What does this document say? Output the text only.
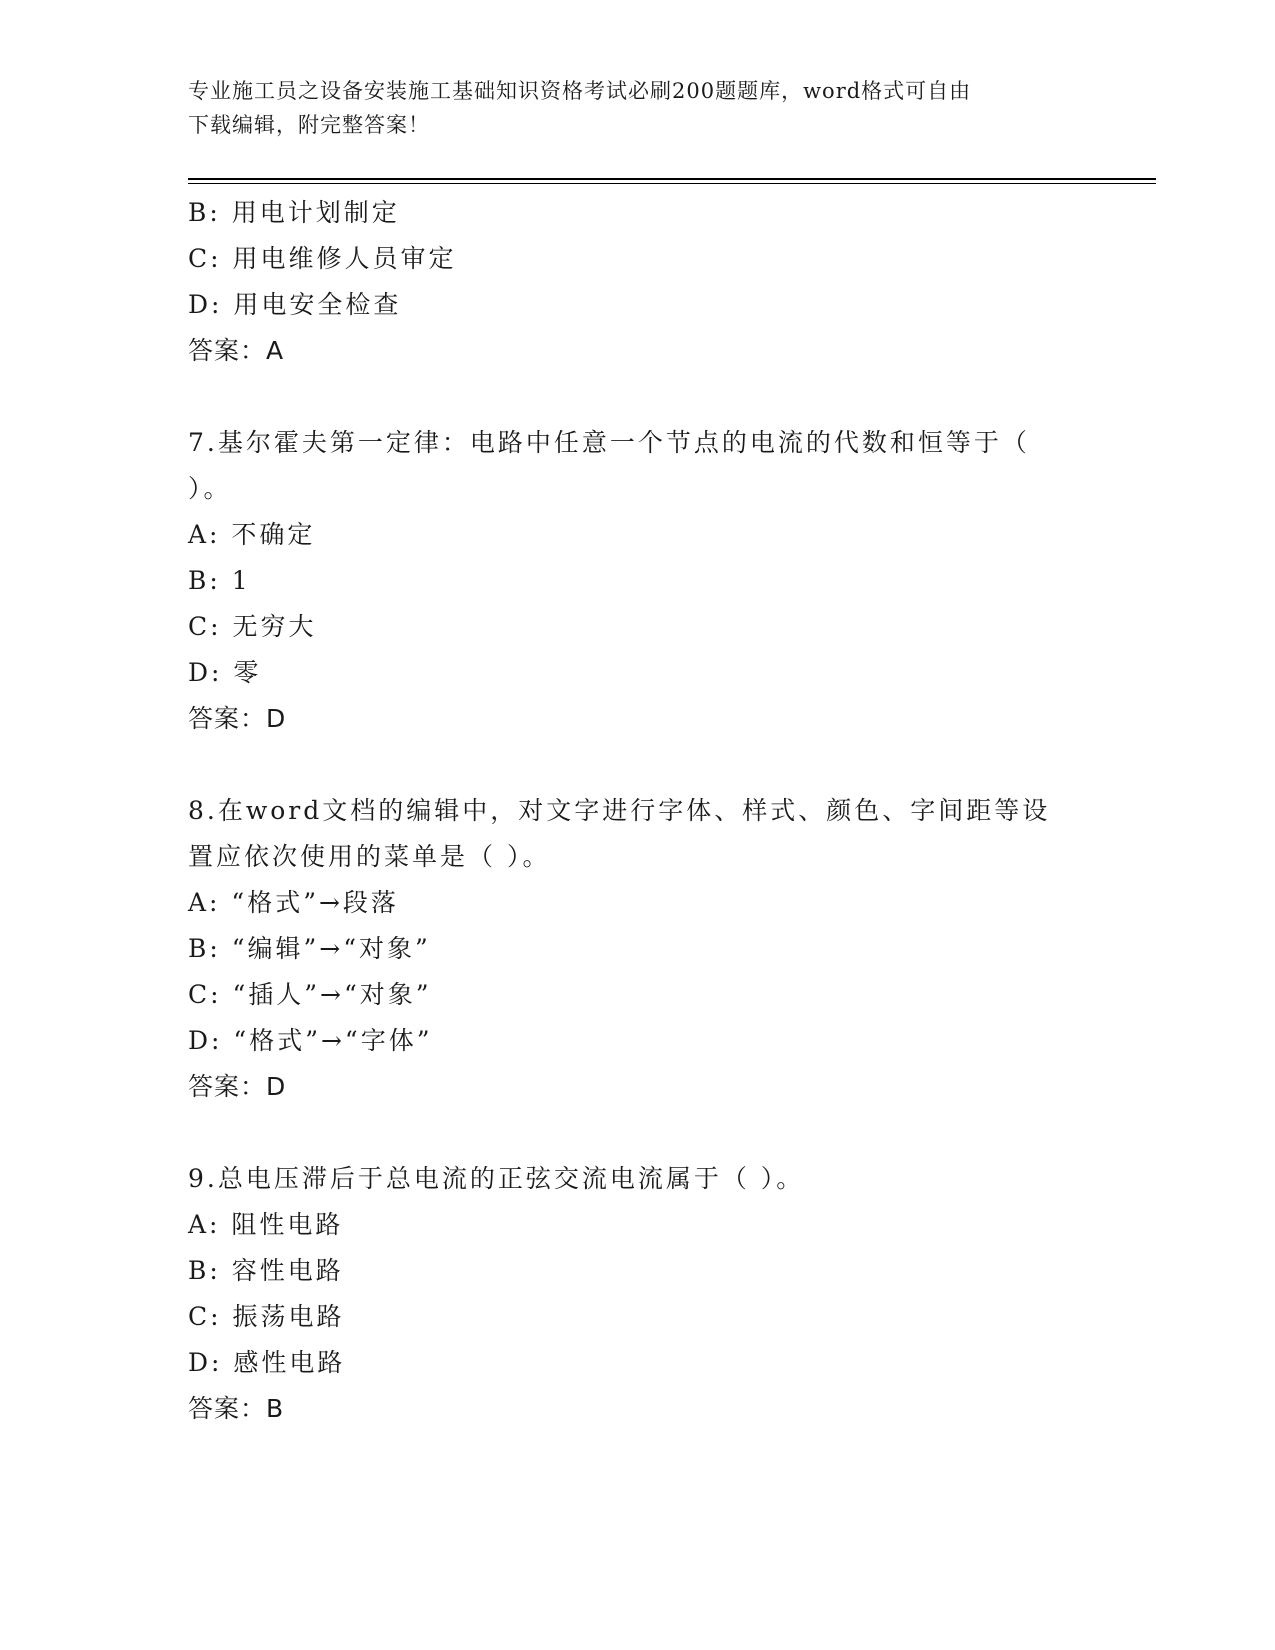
专业施工员之设备安装施工基础知识资格考试必刷200题题库，word格式可自由
下载编辑，附完整答案！
B: 用电计划制定
C: 用电维修人员审定
D: 用电安全检查
答案：A
7.基尔霍夫第一定律：电路中任意一个节点的电流的代数和恒等于（
）。
A: 不确定
B: 1
C: 无穷大
D: 零
答案：D
8.在word文档的编辑中，对文字进行字体、样式、颜色、字间距等设
置应依次使用的菜单是（ ）。
A: “格式”→段落
B: “编辑”→“对象”
C: “插人”→“对象”
D: “格式”→“字体”
答案：D
9.总电压滞后于总电流的正弦交流电流属于（ ）。
A: 阻性电路
B: 容性电路
C: 振荡电路
D: 感性电路
答案：B
